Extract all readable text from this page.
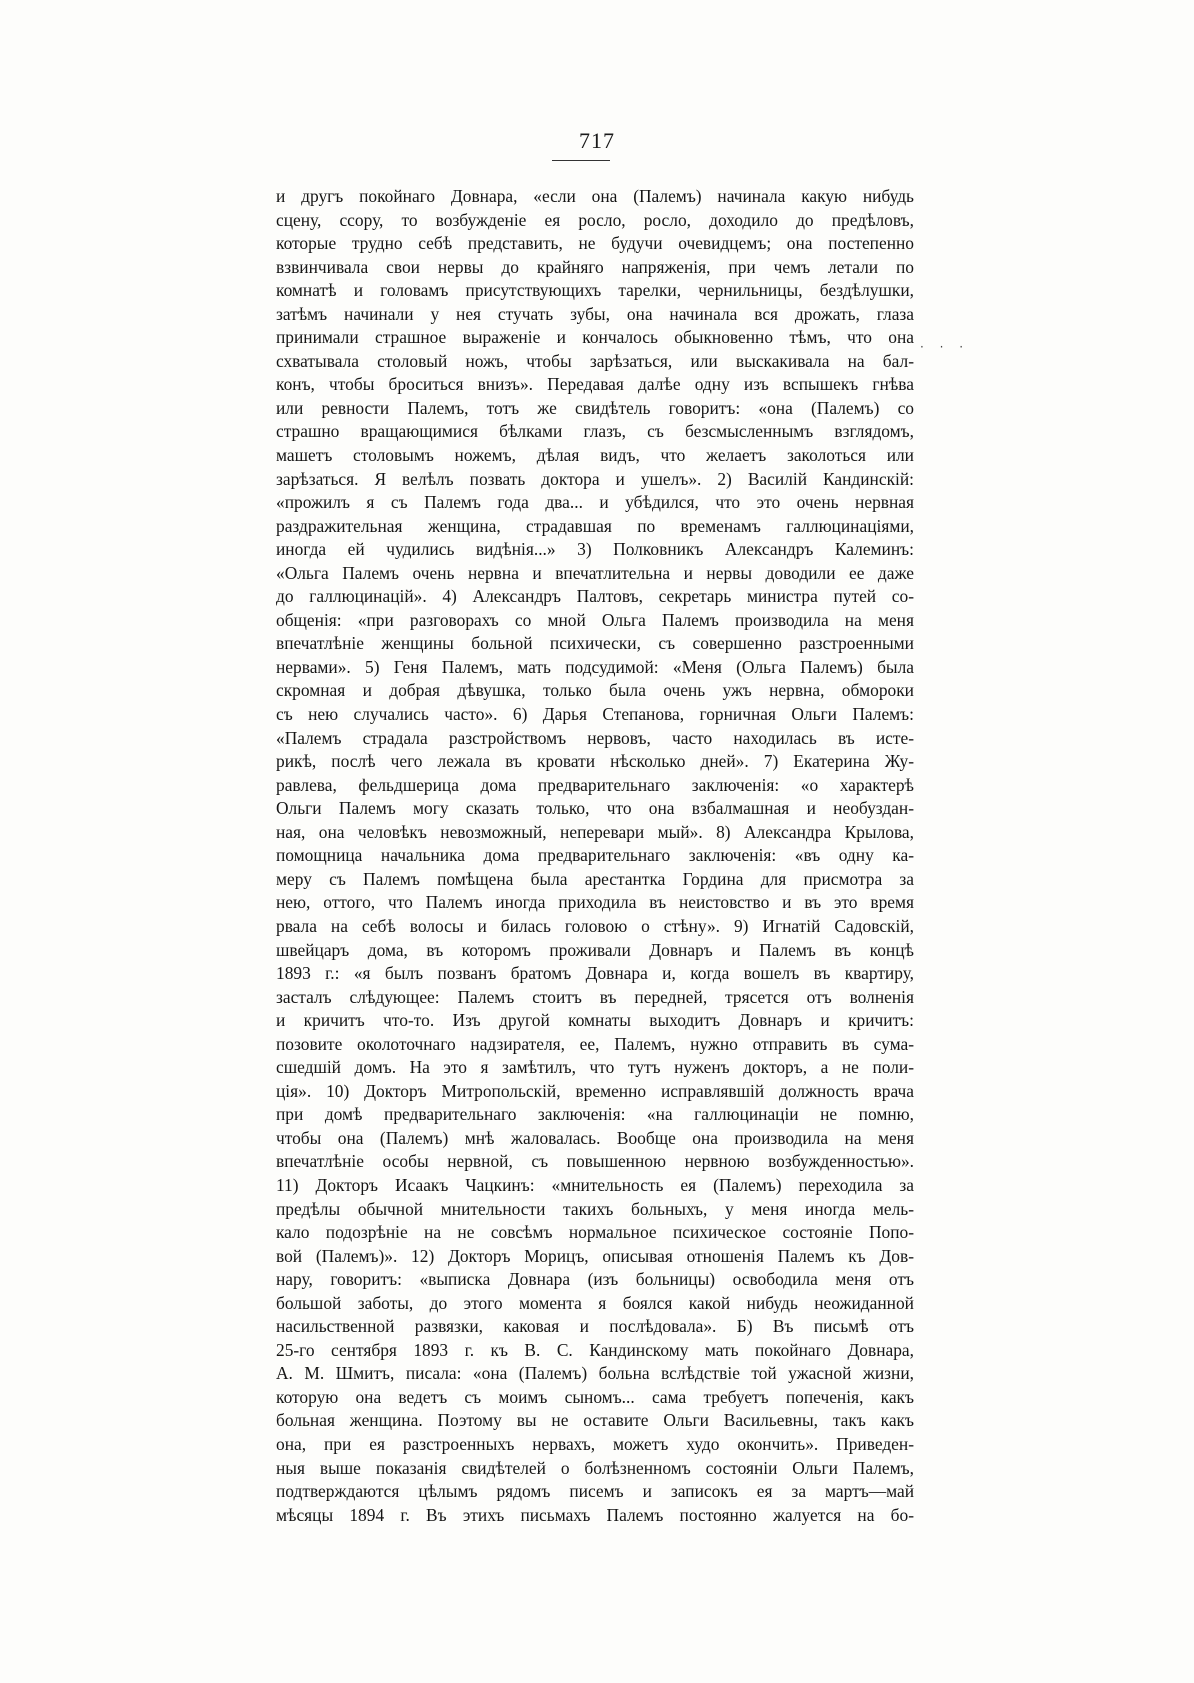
717
· · ·
и другъ покойнаго Довнара, «если она (Палемъ) начинала какую нибудь
сцену, ссору, то возбужденіе ея росло, росло, доходило до предѣловъ,
которые трудно себѣ представить, не будучи очевидцемъ; она постепенно
взвинчивала свои нервы до крайняго напряженія, при чемъ летали по
комнатѣ и головамъ присутствующихъ тарелки, чернильницы, бездѣлушки,
затѣмъ начинали у нея стучать зубы, она начинала вся дрожать, глаза
принимали страшное выраженіе и кончалось обыкновенно тѣмъ, что она
схватывала столовый ножъ, чтобы зарѣзаться, или выскакивала на бал-
конъ, чтобы броситься внизъ». Передавая далѣе одну изъ вспышекъ гнѣва
или ревности Палемъ, тотъ же свидѣтель говоритъ: «она (Палемъ) со
страшно вращающимися бѣлками глазъ, съ безсмысленнымъ взглядомъ,
машетъ столовымъ ножемъ, дѣлая видъ, что желаетъ заколоться или
зарѣзаться. Я велѣлъ позвать доктора и ушелъ». 2) Василій Кандинскій:
«прожилъ я съ Палемъ года два... и убѣдился, что это очень нервная
раздражительная женщина, страдавшая по временамъ галлюцинаціями,
иногда ей чудились видѣнія...» 3) Полковникъ Александръ Калеминъ:
«Ольга Палемъ очень нервна и впечатлительна и нервы доводили ее даже
до галлюцинацій». 4) Александръ Палтовъ, секретарь министра путей со-
общенія: «при разговорахъ со мной Ольга Палемъ производила на меня
впечатлѣніе женщины больной психически, съ совершенно разстроенными
нервами». 5) Геня Палемъ, мать подсудимой: «Меня (Ольга Палемъ) была
скромная и добрая дѣвушка, только была очень ужъ нервна, обмороки
съ нею случались часто». 6) Дарья Степанова, горничная Ольги Палемъ:
«Палемъ страдала разстройствомъ нервовъ, часто находилась въ исте-
рикѣ, послѣ чего лежала въ кровати нѣсколько дней». 7) Екатерина Жу-
равлева, фельдшерица дома предварительнаго заключенія: «о характерѣ
Ольги Палемъ могу сказать только, что она взбалмашная и необуздан-
ная, она человѣкъ невозможный, неперевари мый». 8) Александра Крылова,
помощница начальника дома предварительнаго заключенія: «въ одну ка-
меру съ Палемъ помѣщена была арестантка Гордина для присмотра за
нею, оттого, что Палемъ иногда приходила въ неистовство и въ это время
рвала на себѣ волосы и билась головою о стѣну». 9) Игнатій Садовскій,
швейцаръ дома, въ которомъ проживали Довнаръ и Палемъ въ концѣ
1893 г.: «я былъ позванъ братомъ Довнара и, когда вошелъ въ квартиру,
засталъ слѣдующее: Палемъ стоитъ въ передней, трясется отъ волненія
и кричитъ что-то. Изъ другой комнаты выходитъ Довнаръ и кричитъ:
позовите околоточнаго надзирателя, ее, Палемъ, нужно отправить въ сума-
сшедшій домъ. На это я замѣтилъ, что тутъ нуженъ докторъ, а не поли-
ція». 10) Докторъ Митропольскій, временно исправлявшій должность врача
при домѣ предварительнаго заключенія: «на галлюцинаціи не помню,
чтобы она (Палемъ) мнѣ жаловалась. Вообще она производила на меня
впечатлѣніе особы нервной, съ повышенною нервною возбужденностью».
11) Докторъ Исаакъ Чацкинъ: «мнительность ея (Палемъ) переходила за
предѣлы обычной мнительности такихъ больныхъ, у меня иногда мель-
кало подозрѣніе на не совсѣмъ нормальное психическое состояніе Попо-
вой (Палемъ)». 12) Докторъ Морицъ, описывая отношенія Палемъ къ Дов-
нару, говоритъ: «выписка Довнара (изъ больницы) освободила меня отъ
большой заботы, до этого момента я боялся какой нибудь неожиданной
насильственной развязки, каковая и послѣдовала». Б) Въ письмѣ отъ
25-го сентября 1893 г. къ В. С. Кандинскому мать покойнаго Довнара,
А. М. Шмитъ, писала: «она (Палемъ) больна вслѣдствіе той ужасной жизни,
которую она ведетъ съ моимъ сыномъ... сама требуетъ попеченія, какъ
больная женщина. Поэтому вы не оставите Ольги Васильевны, такъ какъ
она, при ея разстроенныхъ нервахъ, можетъ худо окончить». Приведен-
ныя выше показанія свидѣтелей о болѣзненномъ состояніи Ольги Палемъ,
подтверждаются цѣлымъ рядомъ писемъ и записокъ ея за мартъ—май
мѣсяцы 1894 г. Въ этихъ письмахъ Палемъ постоянно жалуется на бо-
